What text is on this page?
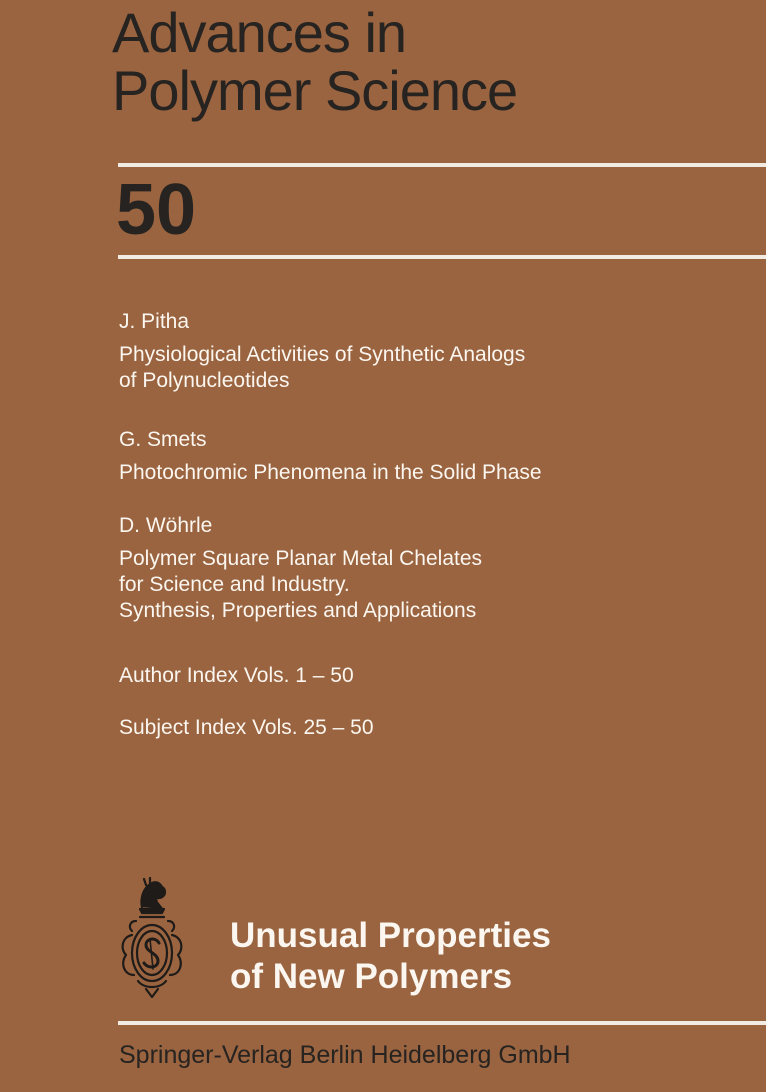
Advances in
Polymer Science
50

J. Pitha

Physiological Activities of Synthetic Analogs
of Polynucleotides

G. Smets

Photochromic Phenomena in the Solid Phase

D. Wöhrle

Polymer Square Planar Metal Chelates
for Science and Industry.
Synthesis, Properties and Applications

Author Index Vols. 1 – 50

Subject Index Vols. 25 – 50

Unusual Properties
of New Polymers
Springer-Verlag Berlin Heidelberg GmbH
